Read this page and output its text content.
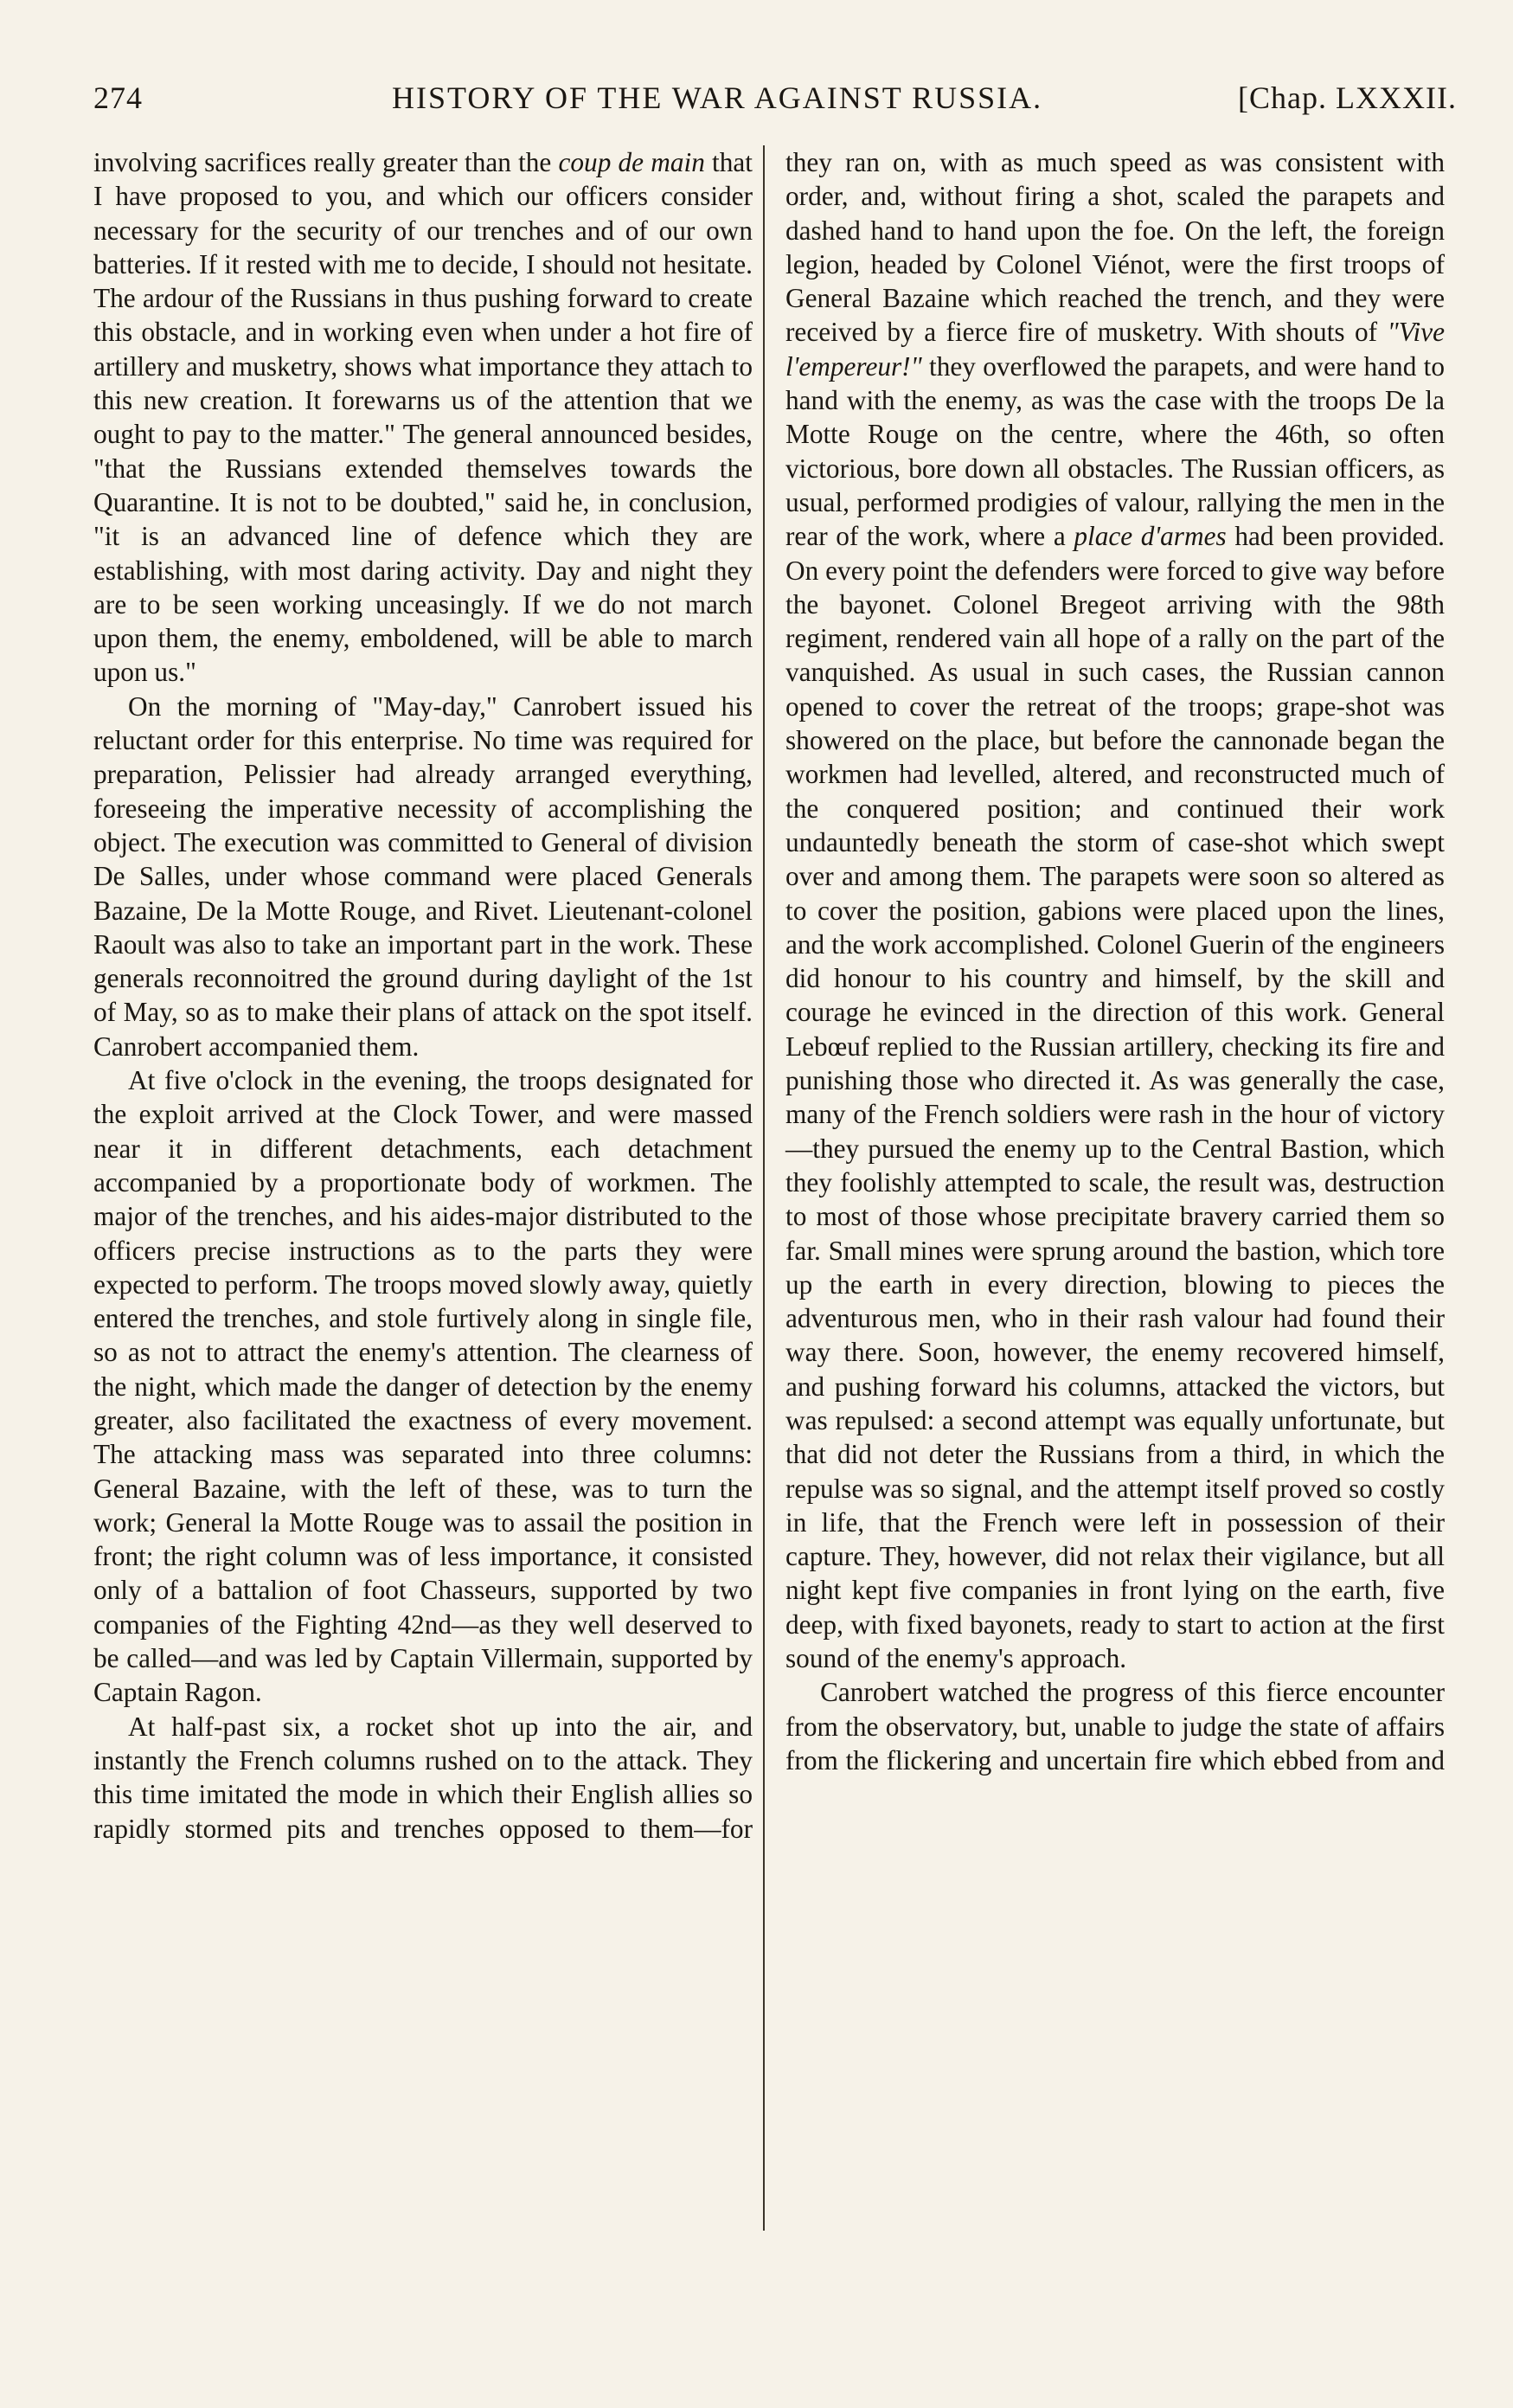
274	HISTORY OF THE WAR AGAINST RUSSIA.	[Chap. LXXXII.

involving sacrifices really greater than the coup de main that I have proposed to you, and which our officers consider necessary for the security of our trenches and of our own batteries. If it rested with me to decide, I should not hesitate. The ardour of the Russians in thus pushing forward to create this obstacle, and in working even when under a hot fire of artillery and musketry, shows what importance they attach to this new creation. It forewarns us of the attention that we ought to pay to the matter." The general announced besides, "that the Russians extended themselves towards the Quarantine. It is not to be doubted," said he, in conclusion, "it is an advanced line of defence which they are establishing, with most daring activity. Day and night they are to be seen working unceasingly. If we do not march upon them, the enemy, emboldened, will be able to march upon us."

On the morning of "May-day," Canrobert issued his reluctant order for this enterprise. No time was required for preparation, Pelissier had already arranged everything, foreseeing the imperative necessity of accomplishing the object. The execution was committed to General of division De Salles, under whose command were placed Generals Bazaine, De la Motte Rouge, and Rivet. Lieutenant-colonel Raoult was also to take an important part in the work. These generals reconnoitred the ground during daylight of the 1st of May, so as to make their plans of attack on the spot itself. Canrobert accompanied them.

At five o'clock in the evening, the troops designated for the exploit arrived at the Clock Tower, and were massed near it in different detachments, each detachment accompanied by a proportionate body of workmen. The major of the trenches, and his aides-major distributed to the officers precise instructions as to the parts they were expected to perform. The troops moved slowly away, quietly entered the trenches, and stole furtively along in single file, so as not to attract the enemy's attention. The clearness of the night, which made the danger of detection by the enemy greater, also facilitated the exactness of every movement. The attacking mass was separated into three columns: General Bazaine, with the left of these, was to turn the work; General la Motte Rouge was to assail the position in front; the right column was of less importance, it consisted only of a battalion of foot Chasseurs, supported by two companies of the Fighting 42nd—as they well deserved to be called—and was led by Captain Villermain, supported by Captain Ragon.

At half-past six, a rocket shot up into the air, and instantly the French columns rushed on to the attack. They this time imitated the mode in which their English allies so rapidly stormed pits and trenches opposed to them—for

they ran on, with as much speed as was consistent with order, and, without firing a shot, scaled the parapets and dashed hand to hand upon the foe. On the left, the foreign legion, headed by Colonel Viénot, were the first troops of General Bazaine which reached the trench, and they were received by a fierce fire of musketry. With shouts of "Vive l'empereur!" they overflowed the parapets, and were hand to hand with the enemy, as was the case with the troops De la Motte Rouge on the centre, where the 46th, so often victorious, bore down all obstacles. The Russian officers, as usual, performed prodigies of valour, rallying the men in the rear of the work, where a place d'armes had been provided. On every point the defenders were forced to give way before the bayonet. Colonel Bregeot arriving with the 98th regiment, rendered vain all hope of a rally on the part of the vanquished. As usual in such cases, the Russian cannon opened to cover the retreat of the troops; grape-shot was showered on the place, but before the cannonade began the workmen had levelled, altered, and reconstructed much of the conquered position; and continued their work undauntedly beneath the storm of case-shot which swept over and among them. The parapets were soon so altered as to cover the position, gabions were placed upon the lines, and the work accomplished. Colonel Guerin of the engineers did honour to his country and himself, by the skill and courage he evinced in the direction of this work. General Lebœuf replied to the Russian artillery, checking its fire and punishing those who directed it. As was generally the case, many of the French soldiers were rash in the hour of victory—they pursued the enemy up to the Central Bastion, which they foolishly attempted to scale, the result was, destruction to most of those whose precipitate bravery carried them so far. Small mines were sprung around the bastion, which tore up the earth in every direction, blowing to pieces the adventurous men, who in their rash valour had found their way there. Soon, however, the enemy recovered himself, and pushing forward his columns, attacked the victors, but was repulsed: a second attempt was equally unfortunate, but that did not deter the Russians from a third, in which the repulse was so signal, and the attempt itself proved so costly in life, that the French were left in possession of their capture. They, however, did not relax their vigilance, but all night kept five companies in front lying on the earth, five deep, with fixed bayonets, ready to start to action at the first sound of the enemy's approach.

Canrobert watched the progress of this fierce encounter from the observatory, but, unable to judge the state of affairs from the flickering and uncertain fire which ebbed from and
